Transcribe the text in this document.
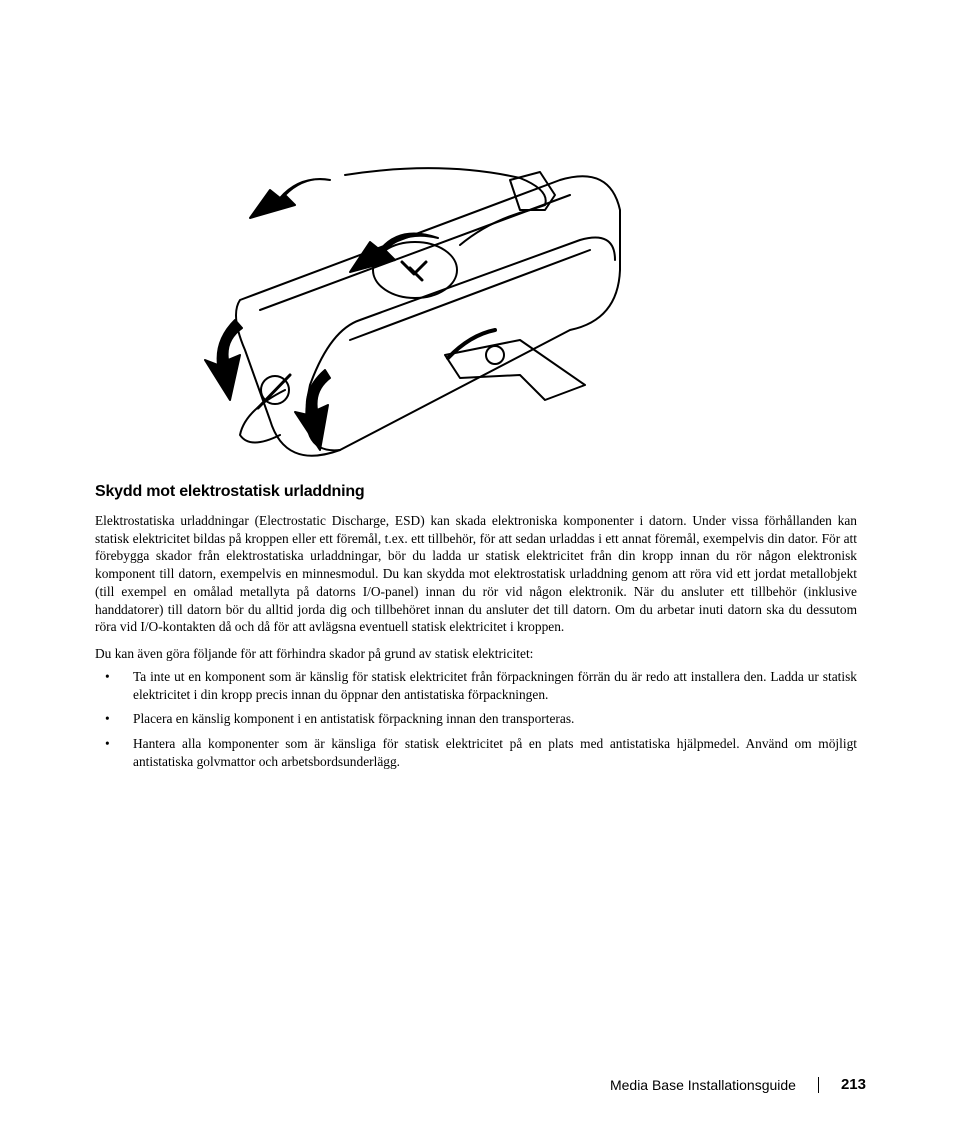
Skydd mot elektrostatisk urladdning

Elektrostatiska urladdningar (Electrostatic Discharge, ESD) kan skada elektroniska komponenter i datorn. Under vissa förhållanden kan statisk elektricitet bildas på kroppen eller ett föremål, t.ex. ett tillbehör, för att sedan urladdas i ett annat föremål, exempelvis din dator. För att förebygga skador från elektrostatiska urladdningar, bör du ladda ur statisk elektricitet från din kropp innan du rör någon elektronisk komponent till datorn, exempelvis en minnesmodul. Du kan skydda mot elektrostatisk urladdning genom att röra vid ett jordat metallobjekt (till exempel en omålad metallyta på datorns I/O-panel) innan du rör vid någon elektronik. När du ansluter ett tillbehör (inklusive handdatorer) till datorn bör du alltid jorda dig och tillbehöret innan du ansluter det till datorn. Om du arbetar inuti datorn ska du dessutom röra vid I/O-kontakten då och då för att avlägsna eventuell statisk elektricitet i kroppen.

Du kan även göra följande för att förhindra skador på grund av statisk elektricitet:

• Ta inte ut en komponent som är känslig för statisk elektricitet från förpackningen förrän du är redo att installera den. Ladda ur statisk elektricitet i din kropp precis innan du öppnar den antistatiska förpackningen.
• Placera en känslig komponent i en antistatisk förpackning innan den transporteras.
• Hantera alla komponenter som är känsliga för statisk elektricitet på en plats med antistatiska hjälpmedel. Använd om möjligt antistatiska golvmattor och arbetsbordsunderlägg.
Media Base Installationsguide	213
